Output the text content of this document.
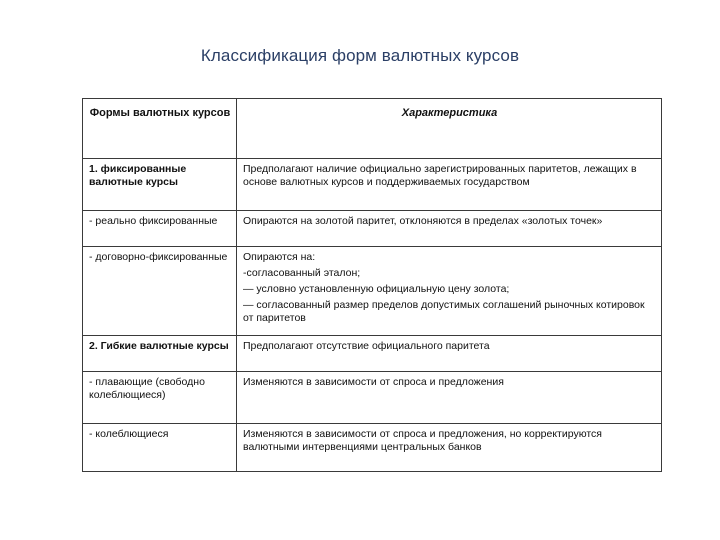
Классификация форм валютных курсов
Формы валютных курсов	Характеристика
1. фиксированные валютные курсы	Предполагают наличие официально зарегистрированных паритетов, лежащих в основе валютных курсов и поддерживаемых государством
- реально фиксированные	Опираются на золотой паритет, отклоняются в пределах «золотых точек»
- договорно-фиксированные	Опираются на:
-согласованный эталон;
— условно установленную официальную цену золота;
— согласованный размер пределов допустимых соглашений рыночных котировок от паритетов

2. Гибкие валютные курсы	Предполагают отсутствие официального паритета
- плавающие (свободно колеблющиеся)	Изменяются в зависимости от спроса и предложения
- колеблющиеся	Изменяются в зависимости от спроса и предложения, но корректируются валютными интервенциями центральных банков
